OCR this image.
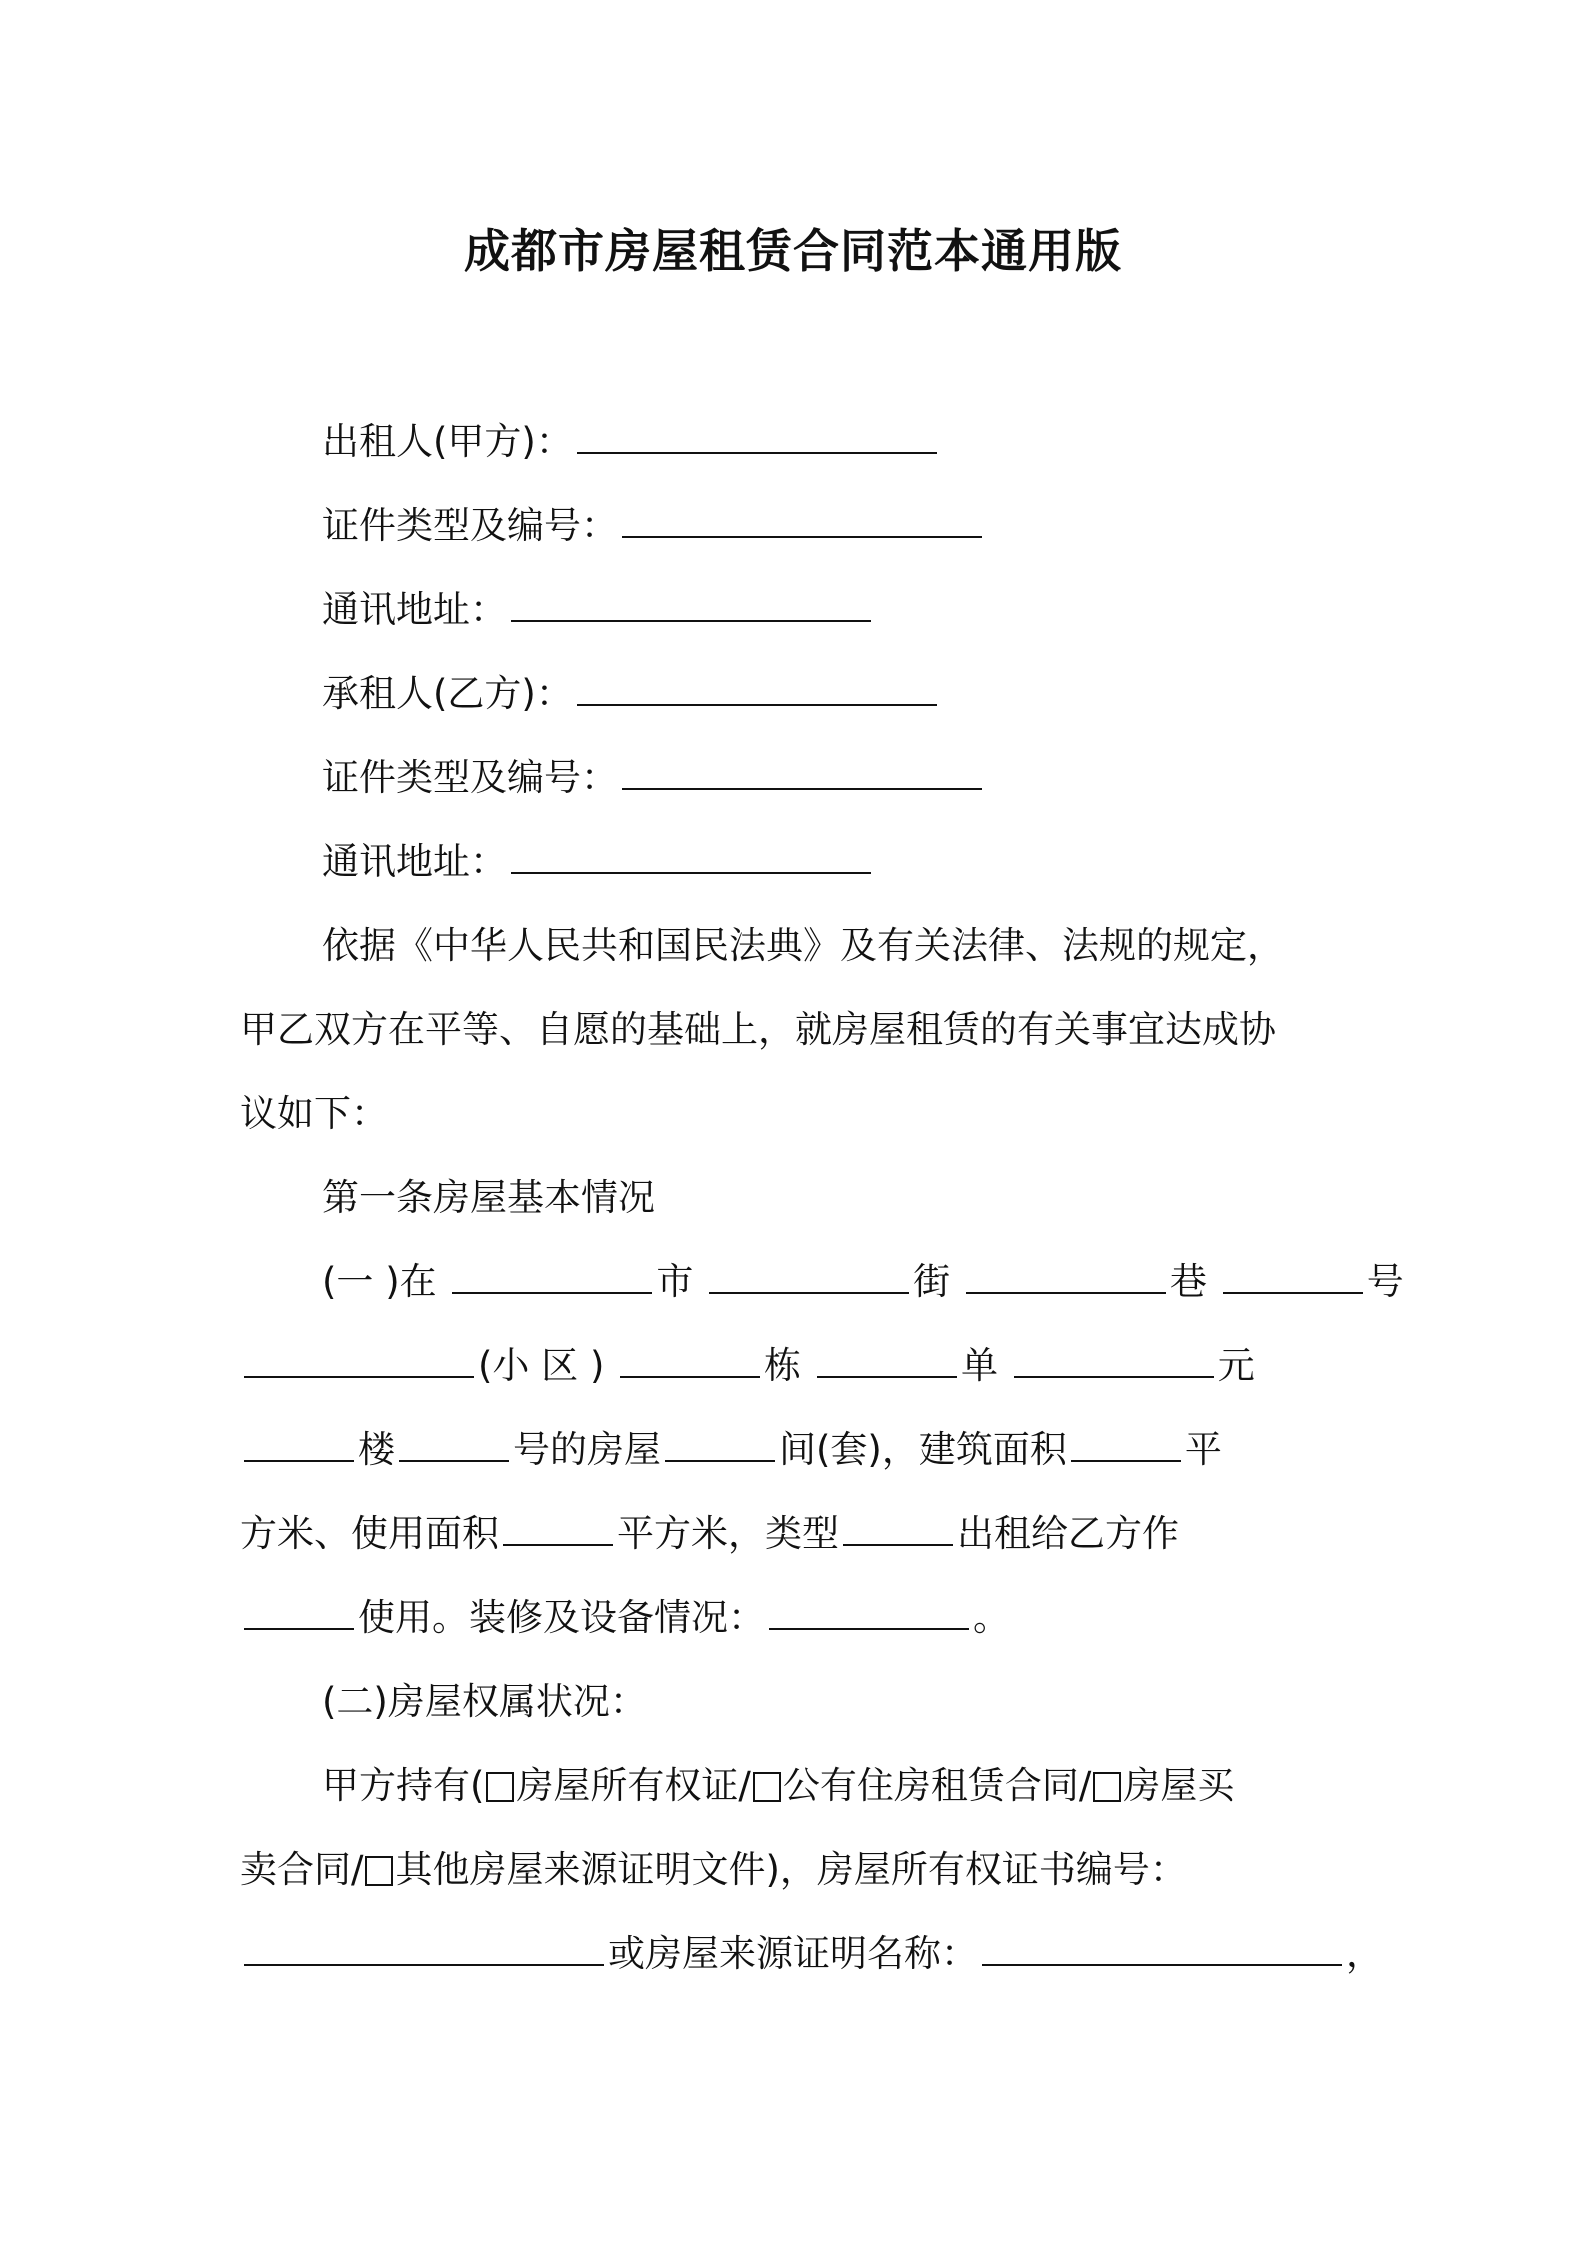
成都市房屋租赁合同范本通用版

出租人(甲方)：

证件类型及编号：

通讯地址：

承租人(乙方)：

证件类型及编号：

通讯地址：

依据《中华人民共和国民法典》及有关法律、法规的规定，

甲乙双方在平等、自愿的基础上，就房屋租赁的有关事宜达成协

议如下：

第一条房屋基本情况

(一 )在	市	街	巷	号

(小 区 )	栋	单	元

楼	号的房屋	间(套)，建筑面积	平

方米、使用面积	平方米，类型	出租给乙方作

使用。装修及设备情况：	。

(二)房屋权属状况：

甲方持有( 房屋所有权证/ 公有住房租赁合同/ 房屋买

卖合同/ 其他房屋来源证明文件)，房屋所有权证书编号：

或房屋来源证明名称：	，
